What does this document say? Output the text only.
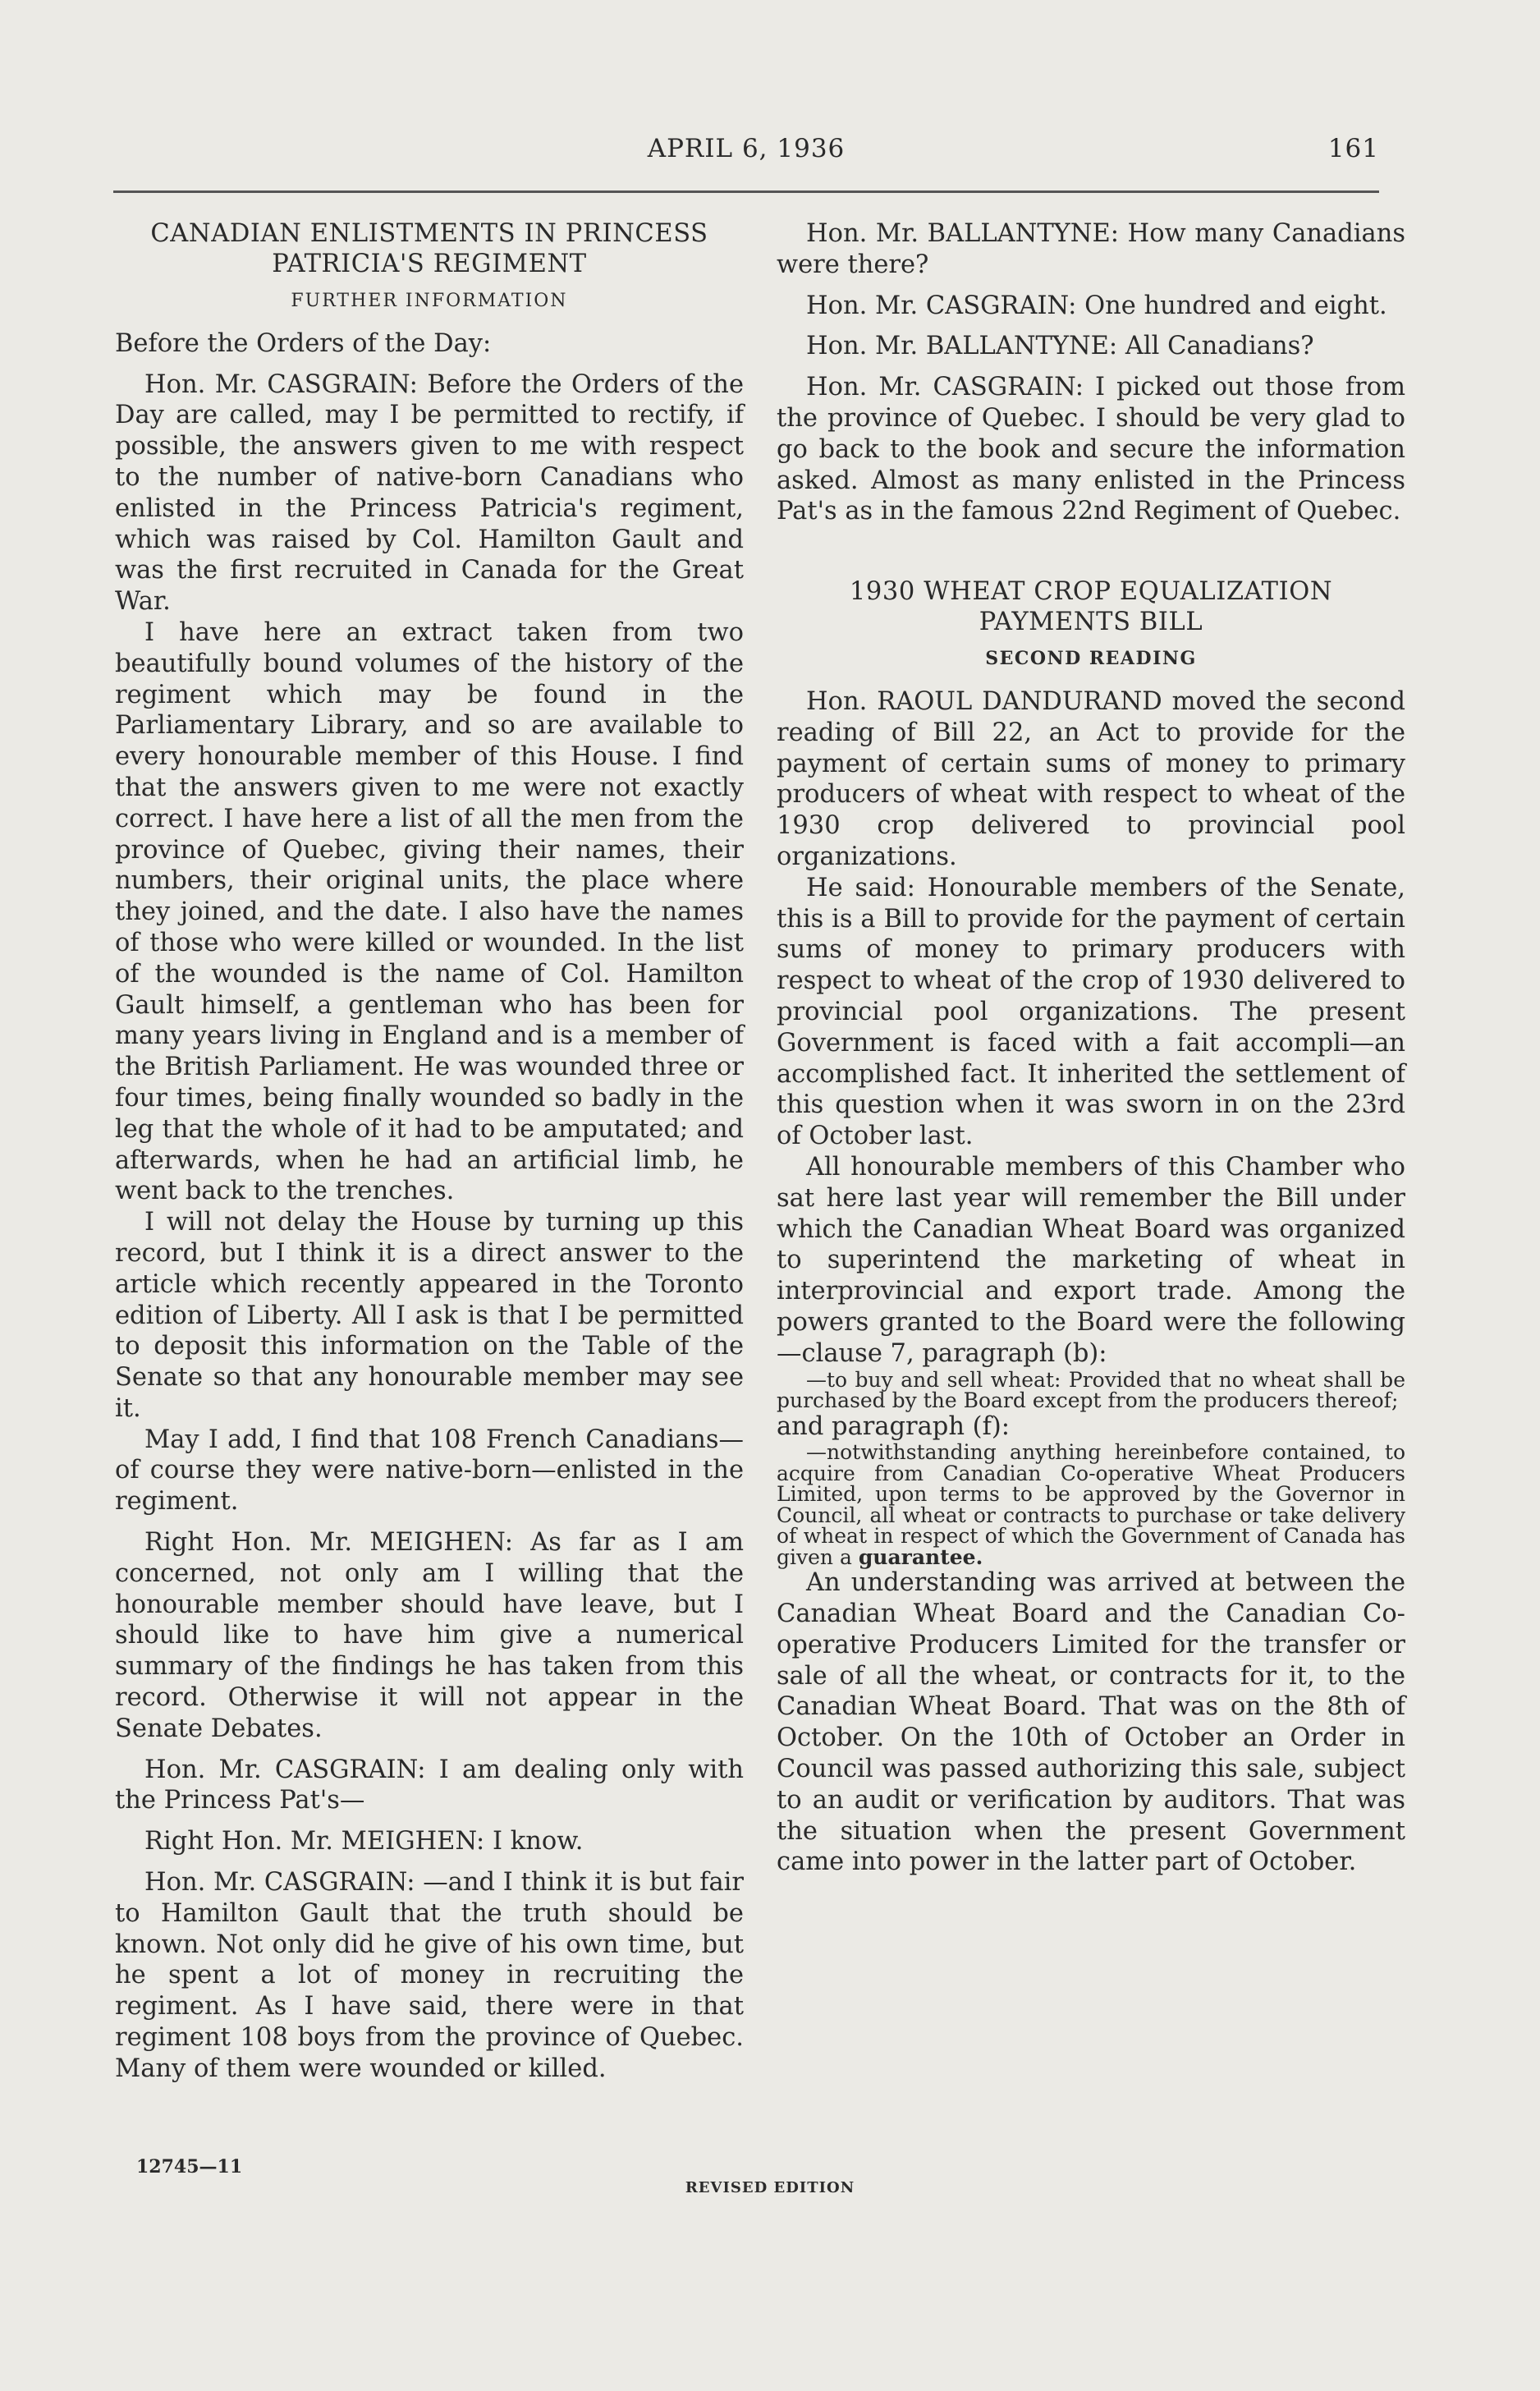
APRIL 6, 1936	161
CANADIAN ENLISTMENTS IN PRINCESS PATRICIA'S REGIMENT
FURTHER INFORMATION

Before the Orders of the Day:

Hon. Mr. CASGRAIN: Before the Orders of the Day are called, may I be permitted to rectify, if possible, the answers given to me with respect to the number of native-born Canadians who enlisted in the Princess Patricia's regiment, which was raised by Col. Hamilton Gault and was the first recruited in Canada for the Great War.

I have here an extract taken from two beautifully bound volumes of the history of the regiment which may be found in the Parliamentary Library, and so are available to every honourable member of this House. I find that the answers given to me were not exactly correct. I have here a list of all the men from the province of Quebec, giving their names, their numbers, their original units, the place where they joined, and the date. I also have the names of those who were killed or wounded. In the list of the wounded is the name of Col. Hamilton Gault himself, a gentleman who has been for many years living in England and is a member of the British Parliament. He was wounded three or four times, being finally wounded so badly in the leg that the whole of it had to be amputated; and afterwards, when he had an artificial limb, he went back to the trenches.

I will not delay the House by turning up this record, but I think it is a direct answer to the article which recently appeared in the Toronto edition of Liberty. All I ask is that I be permitted to deposit this information on the Table of the Senate so that any honourable member may see it.

May I add, I find that 108 French Canadians—of course they were native-born—enlisted in the regiment.

Right Hon. Mr. MEIGHEN: As far as I am concerned, not only am I willing that the honourable member should have leave, but I should like to have him give a numerical summary of the findings he has taken from this record. Otherwise it will not appear in the Senate Debates.

Hon. Mr. CASGRAIN: I am dealing only with the Princess Pat's—

Right Hon. Mr. MEIGHEN: I know.

Hon. Mr. CASGRAIN: —and I think it is but fair to Hamilton Gault that the truth should be known. Not only did he give of his own time, but he spent a lot of money in recruiting the regiment. As I have said, there were in that regiment 108 boys from the province of Quebec. Many of them were wounded or killed.

Hon. Mr. BALLANTYNE: How many Canadians were there?

Hon. Mr. CASGRAIN: One hundred and eight.

Hon. Mr. BALLANTYNE: All Canadians?

Hon. Mr. CASGRAIN: I picked out those from the province of Quebec. I should be very glad to go back to the book and secure the information asked. Almost as many enlisted in the Princess Pat's as in the famous 22nd Regiment of Quebec.

1930 WHEAT CROP EQUALIZATION PAYMENTS BILL
SECOND READING

Hon. RAOUL DANDURAND moved the second reading of Bill 22, an Act to provide for the payment of certain sums of money to primary producers of wheat with respect to wheat of the 1930 crop delivered to provincial pool organizations.

He said: Honourable members of the Senate, this is a Bill to provide for the payment of certain sums of money to primary producers with respect to wheat of the crop of 1930 delivered to provincial pool organizations. The present Government is faced with a fait accompli—an accomplished fact. It inherited the settlement of this question when it was sworn in on the 23rd of October last.

All honourable members of this Chamber who sat here last year will remember the Bill under which the Canadian Wheat Board was organized to superintend the marketing of wheat in interprovincial and export trade. Among the powers granted to the Board were the following—clause 7, paragraph (b):

—to buy and sell wheat: Provided that no wheat shall be purchased by the Board except from the producers thereof;

and paragraph (f):

—notwithstanding anything hereinbefore contained, to acquire from Canadian Co-operative Wheat Producers Limited, upon terms to be approved by the Governor in Council, all wheat or contracts to purchase or take delivery of wheat in respect of which the Government of Canada has given a guarantee.

An understanding was arrived at between the Canadian Wheat Board and the Canadian Co-operative Producers Limited for the transfer or sale of all the wheat, or contracts for it, to the Canadian Wheat Board. That was on the 8th of October. On the 10th of October an Order in Council was passed authorizing this sale, subject to an audit or verification by auditors. That was the situation when the present Government came into power in the latter part of October.

12745—11
REVISED EDITION
